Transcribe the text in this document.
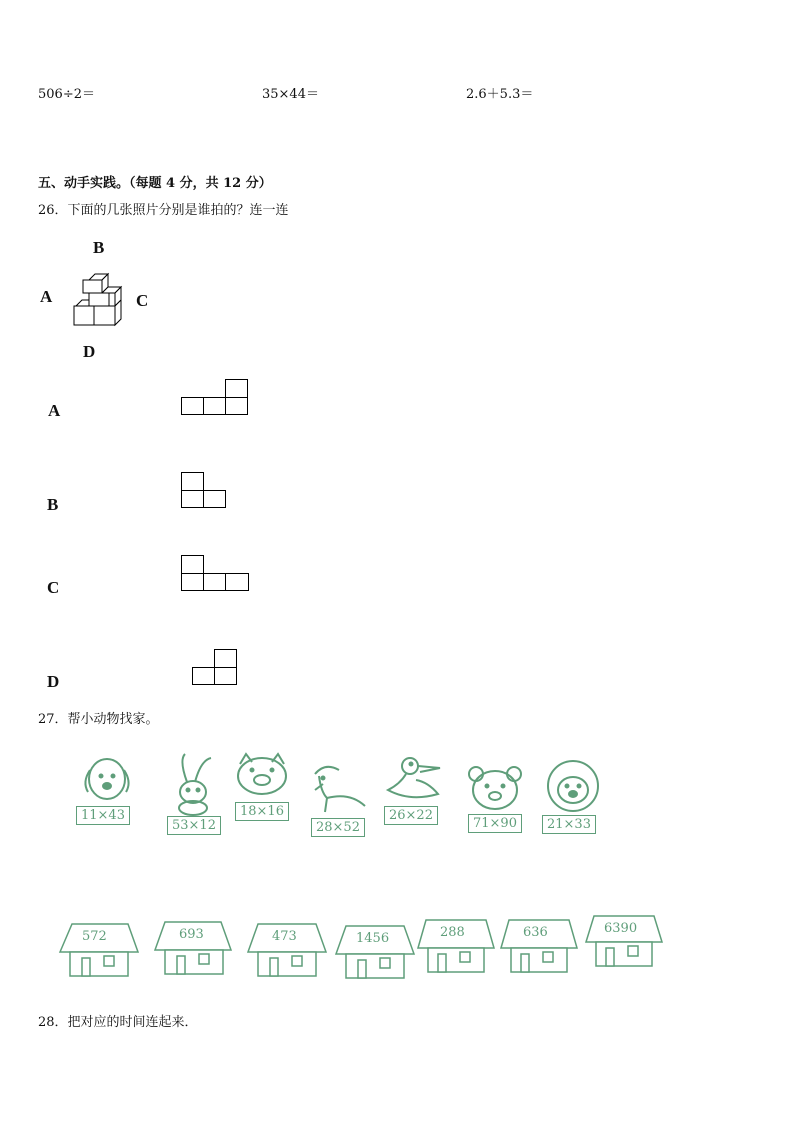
506÷2＝	35×44＝	2.6＋5.3＝
五、动手实践。（每题 4 分，共 12 分）
26．下面的几张照片分别是谁拍的？连一连
B
A	C
D
A
B
C
D
27．帮小动物找家。
11×43
53×12
18×16
28×52
26×22
71×90	21×33
572	693	473	1456	288	636	6390
28．把对应的时间连起来．
